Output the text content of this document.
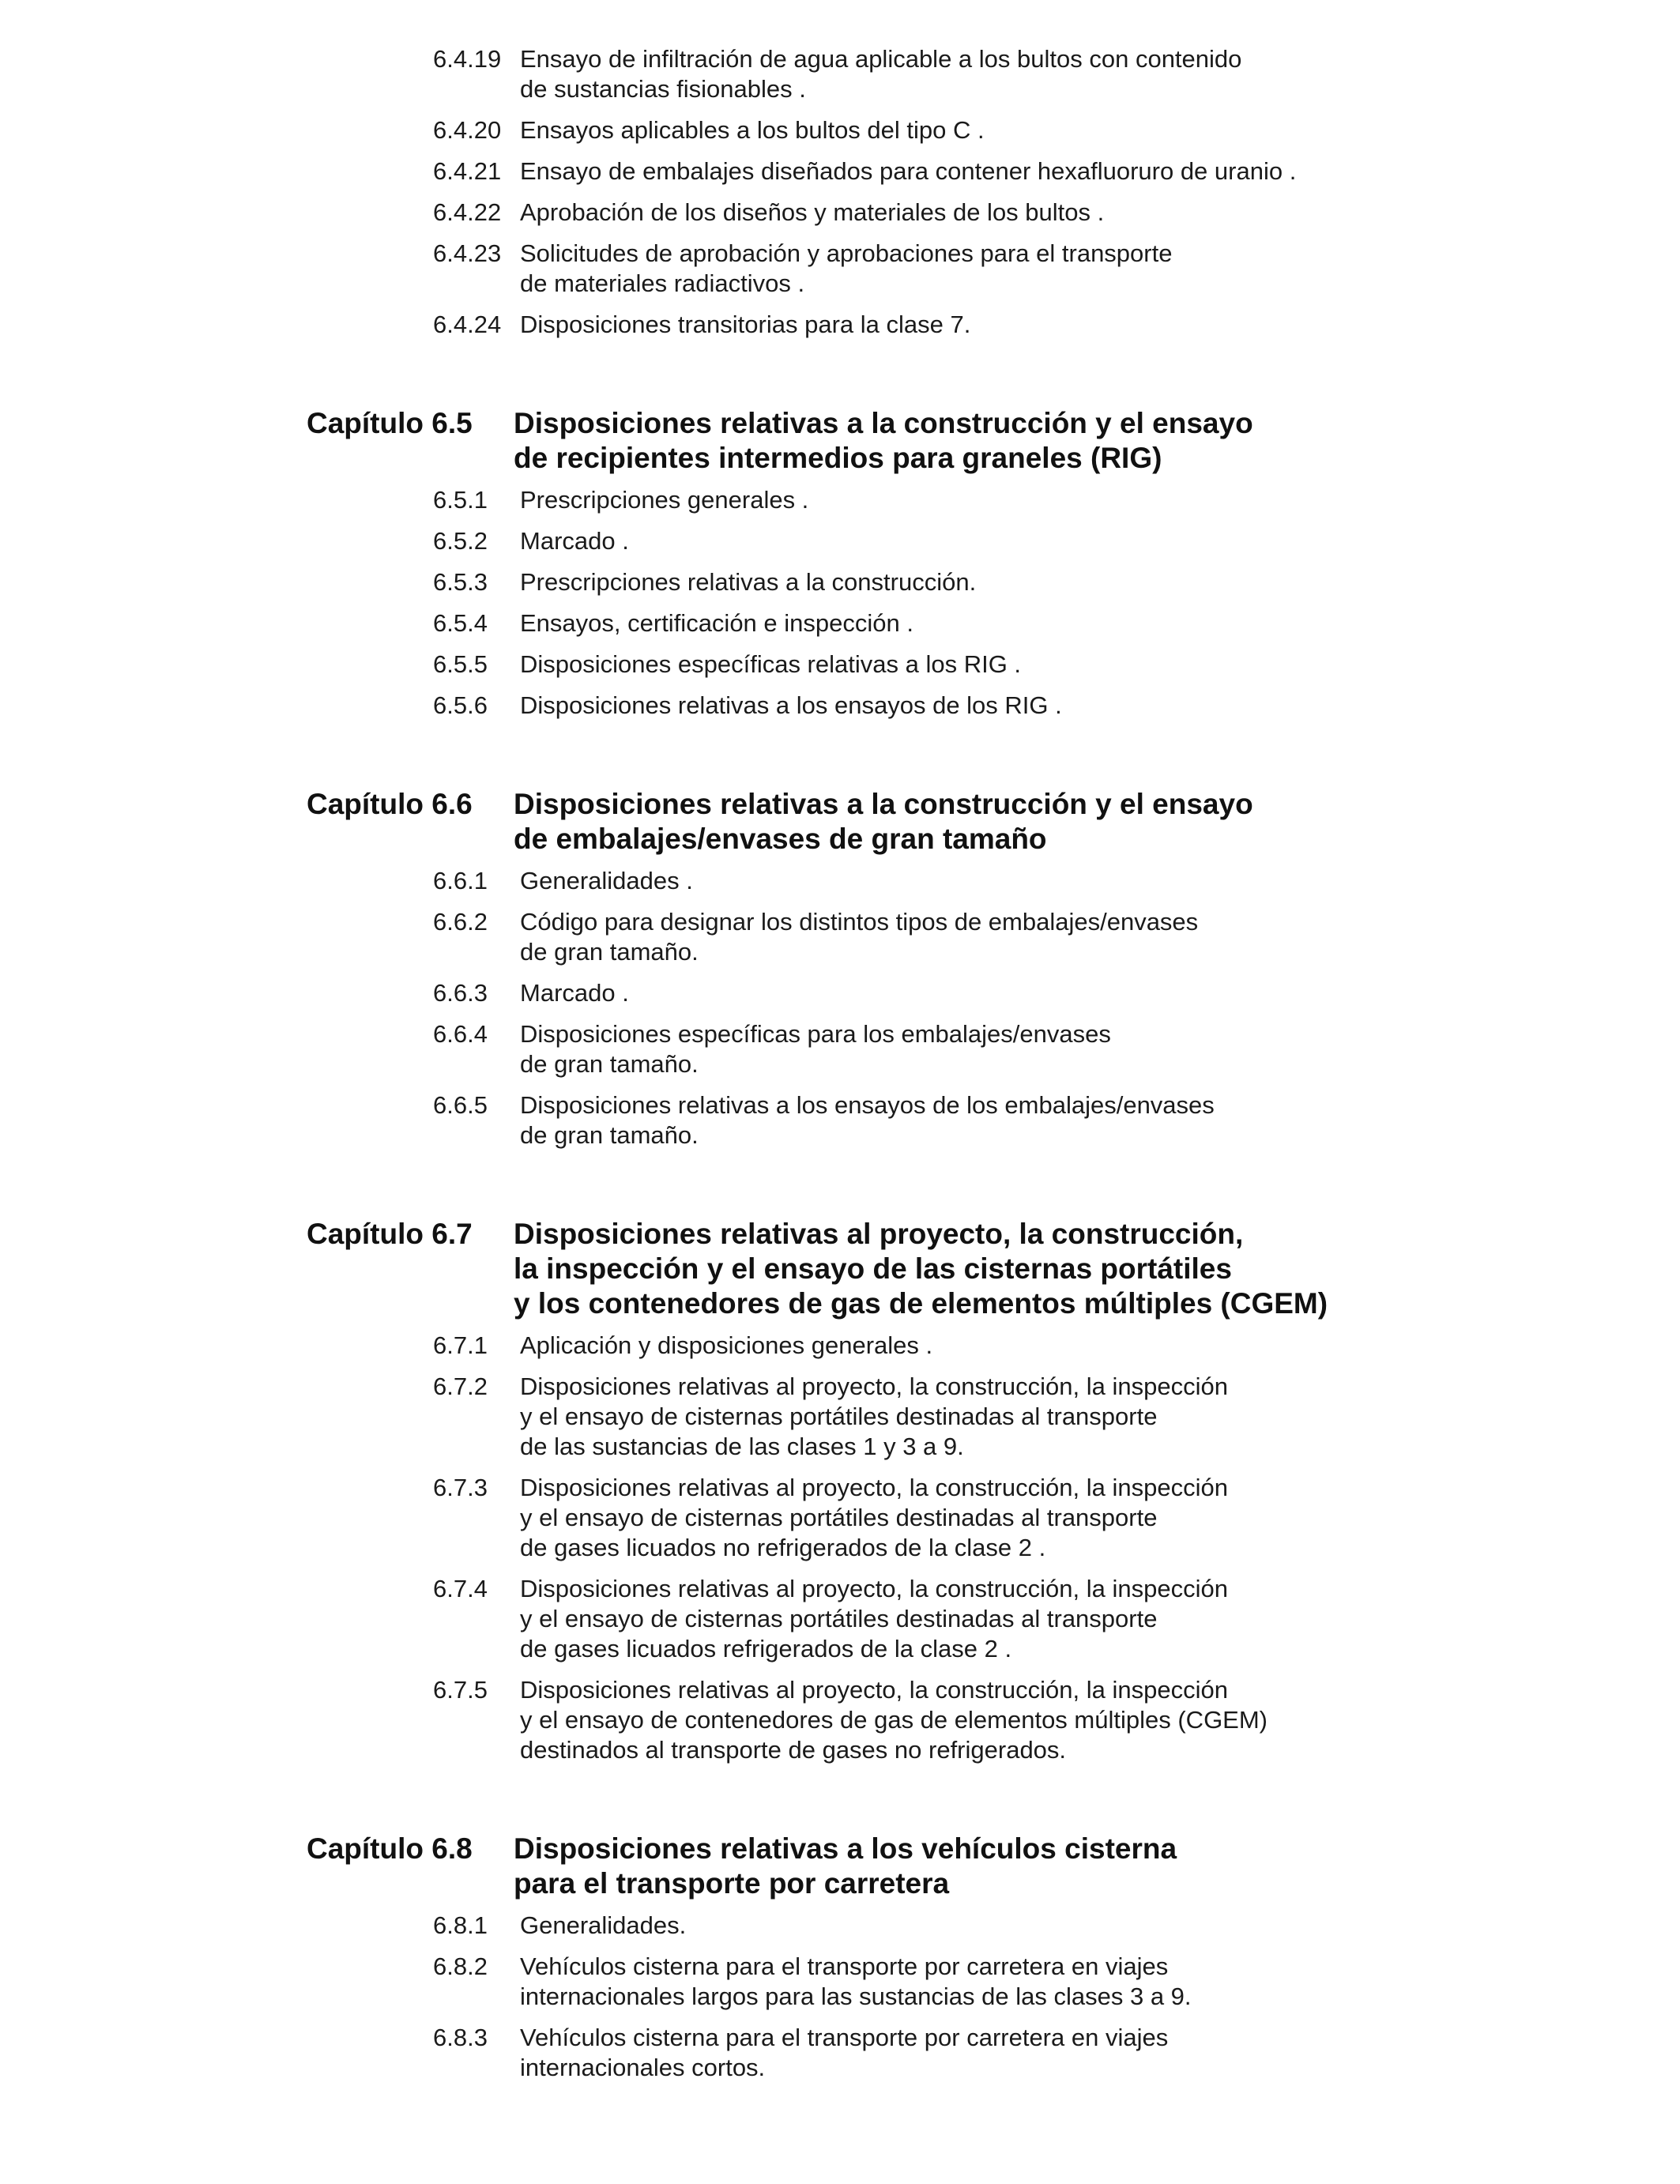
6.4.19 Ensayo de infiltración de agua aplicable a los bultos con contenido
de sustancias fisionables .
6.4.20 Ensayos aplicables a los bultos del tipo C .
6.4.21 Ensayo de embalajes diseñados para contener hexafluoruro de uranio .
6.4.22 Aprobación de los diseños y materiales de los bultos .
6.4.23 Solicitudes de aprobación y aprobaciones para el transporte
de materiales radiactivos .
6.4.24 Disposiciones transitorias para la clase 7.
Capítulo 6.5	Disposiciones relativas a la construcción y el ensayo
de recipientes intermedios para graneles (RIG)
6.5.1	Prescripciones generales .
6.5.2	Marcado .
6.5.3	Prescripciones relativas a la construcción.
6.5.4	Ensayos, certificación e inspección .
6.5.5	Disposiciones específicas relativas a los RIG .
6.5.6	Disposiciones relativas a los ensayos de los RIG .
Capítulo 6.6	Disposiciones relativas a la construcción y el ensayo
de embalajes/envases de gran tamaño
6.6.1	Generalidades .
6.6.2	Código para designar los distintos tipos de embalajes/envases
de gran tamaño.
6.6.3	Marcado .
6.6.4	Disposiciones específicas para los embalajes/envases
de gran tamaño.
6.6.5	Disposiciones relativas a los ensayos de los embalajes/envases
de gran tamaño.
Capítulo 6.7	Disposiciones relativas al proyecto, la construcción,
la inspección y el ensayo de las cisternas portátiles
y los contenedores de gas de elementos múltiples (CGEM)
6.7.1	Aplicación y disposiciones generales .
6.7.2	Disposiciones relativas al proyecto, la construcción, la inspección
y el ensayo de cisternas portátiles destinadas al transporte
de las sustancias de las clases 1 y 3 a 9.
6.7.3	Disposiciones relativas al proyecto, la construcción, la inspección
y el ensayo de cisternas portátiles destinadas al transporte
de gases licuados no refrigerados de la clase 2 .
6.7.4	Disposiciones relativas al proyecto, la construcción, la inspección
y el ensayo de cisternas portátiles destinadas al transporte
de gases licuados refrigerados de la clase 2 .
6.7.5	Disposiciones relativas al proyecto, la construcción, la inspección
y el ensayo de contenedores de gas de elementos múltiples (CGEM)
destinados al transporte de gases no refrigerados.
Capítulo 6.8	Disposiciones relativas a los vehículos cisterna
para el transporte por carretera
6.8.1	Generalidades.
6.8.2	Vehículos cisterna para el transporte por carretera en viajes
internacionales largos para las sustancias de las clases 3 a 9.
6.8.3	Vehículos cisterna para el transporte por carretera en viajes
internacionales cortos.
